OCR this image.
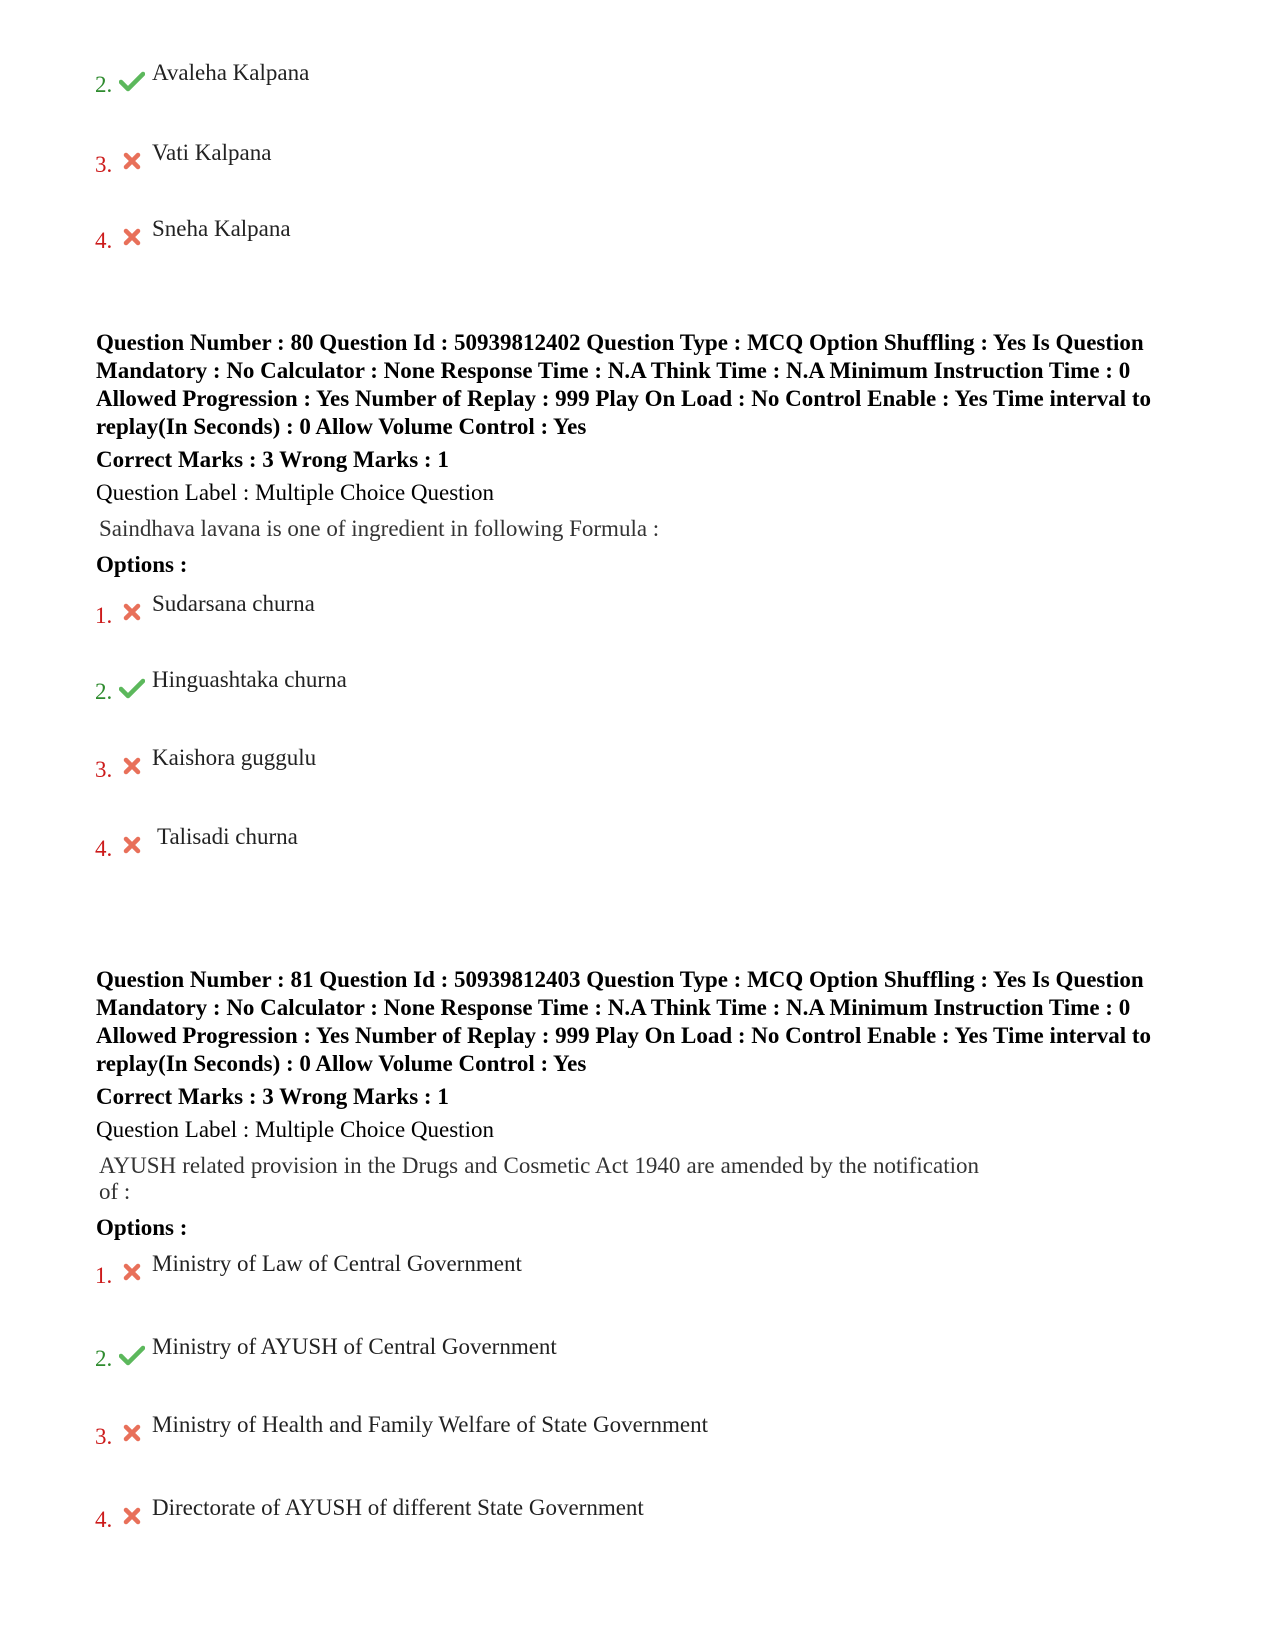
2. Avaleha Kalpana
3. Vati Kalpana
4. Sneha Kalpana

Question Number : 80 Question Id : 50939812402 Question Type : MCQ Option Shuffling : Yes Is Question Mandatory : No Calculator : None Response Time : N.A Think Time : N.A Minimum Instruction Time : 0 Allowed Progression : Yes Number of Replay : 999 Play On Load : No Control Enable : Yes Time interval to replay(In Seconds) : 0 Allow Volume Control : Yes

Correct Marks : 3 Wrong Marks : 1

Question Label : Multiple Choice Question

Saindhava lavana is one of ingredient in following Formula :

Options :

1. Sudarsana churna
2. Hinguashtaka churna
3. Kaishora guggulu
4. Talisadi churna

Question Number : 81 Question Id : 50939812403 Question Type : MCQ Option Shuffling : Yes Is Question Mandatory : No Calculator : None Response Time : N.A Think Time : N.A Minimum Instruction Time : 0 Allowed Progression : Yes Number of Replay : 999 Play On Load : No Control Enable : Yes Time interval to replay(In Seconds) : 0 Allow Volume Control : Yes

Correct Marks : 3 Wrong Marks : 1

Question Label : Multiple Choice Question

AYUSH related provision in the Drugs and Cosmetic Act 1940 are amended by the notification of :

Options :

1. Ministry of Law of Central Government
2. Ministry of AYUSH of Central Government
3. Ministry of Health and Family Welfare of State Government
4. Directorate of AYUSH of different State Government
